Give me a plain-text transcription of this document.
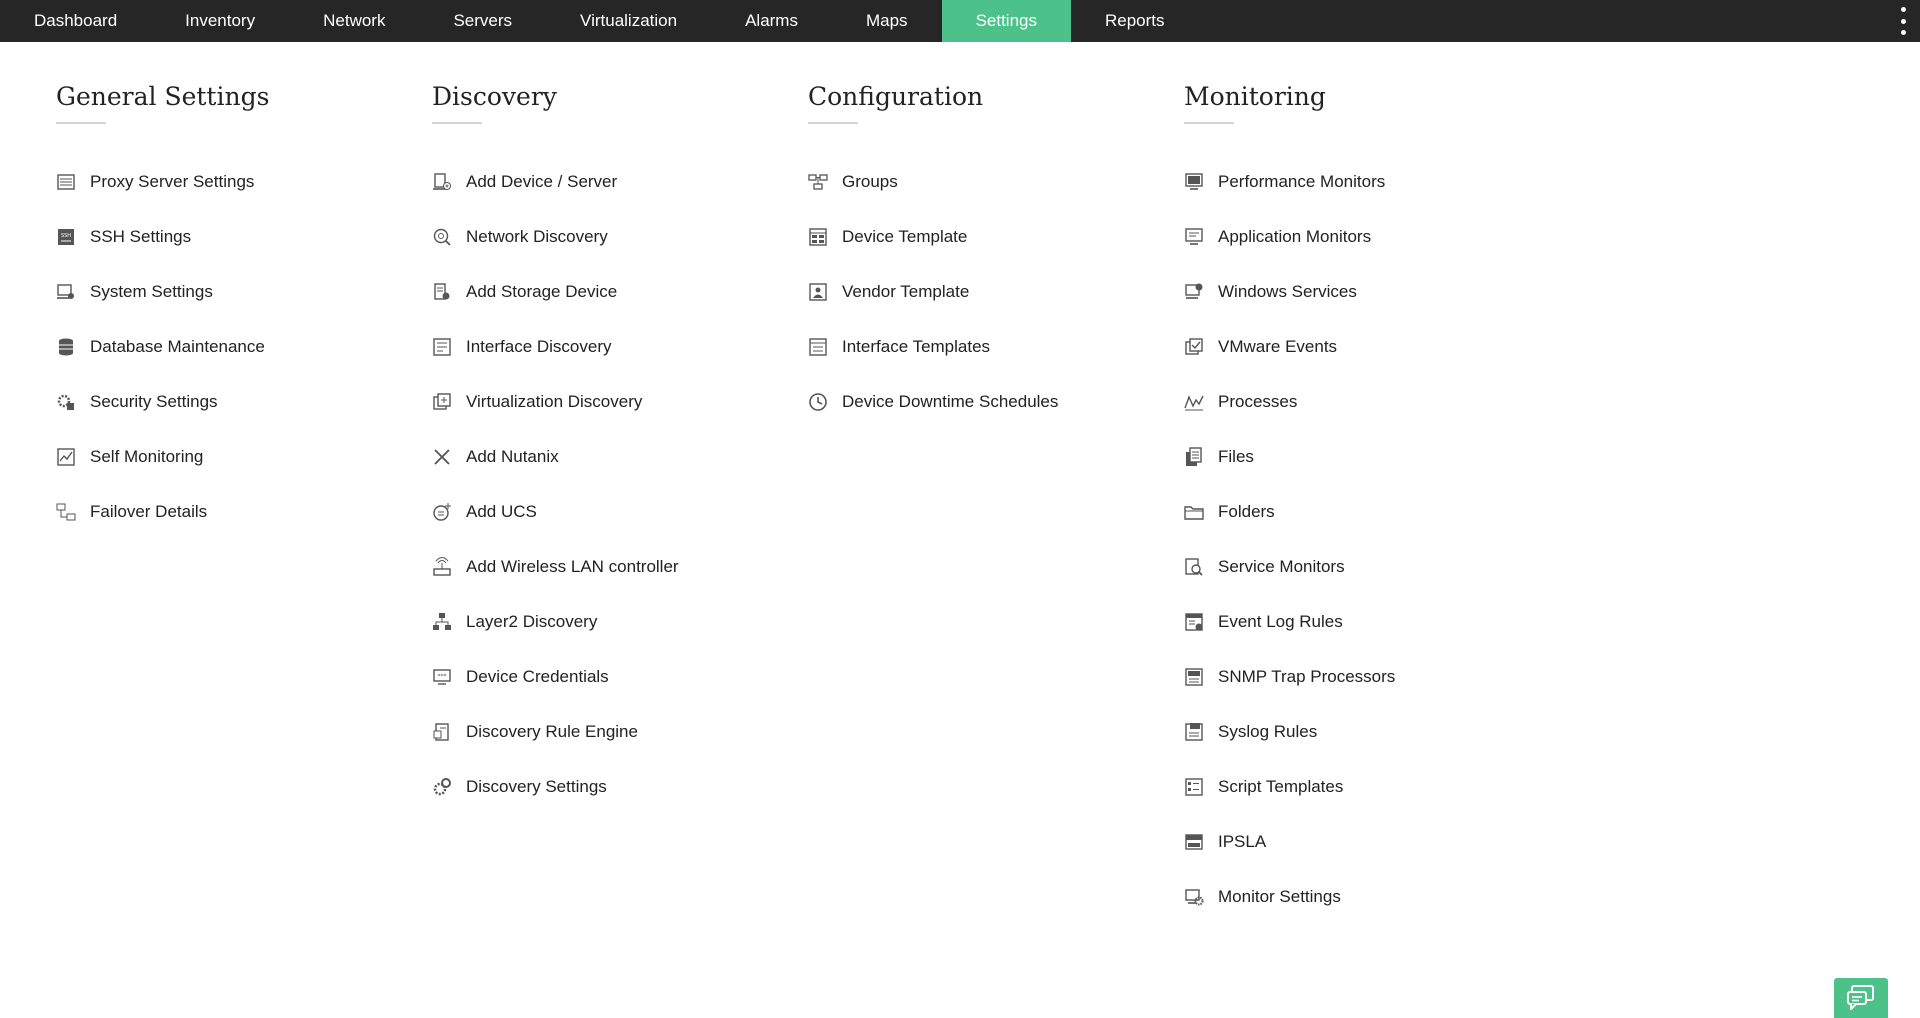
Dashboard	Inventory	Network	Servers	Virtualization	Alarms	Maps	Settings	Reports
General Settings
Proxy Server Settings
SSH SSH Settings
System Settings
Database Maintenance
Security Settings
Self Monitoring
Failover Details
Discovery
Add Device / Server
Network Discovery
Add Storage Device
Interface Discovery
Virtualization Discovery
Add Nutanix
Add UCS
Add Wireless LAN controller
Layer2 Discovery
*** Device Credentials
Discovery Rule Engine
Discovery Settings
Configuration
Groups
Device Template
Vendor Template
Interface Templates
Device Downtime Schedules
Monitoring
Performance Monitors
Application Monitors
Windows Services
VMware Events
Processes
Files
Folders
Service Monitors
Event Log Rules
SNMP Trap Processors
Syslog Rules
Script Templates
IPSLA
Monitor Settings
